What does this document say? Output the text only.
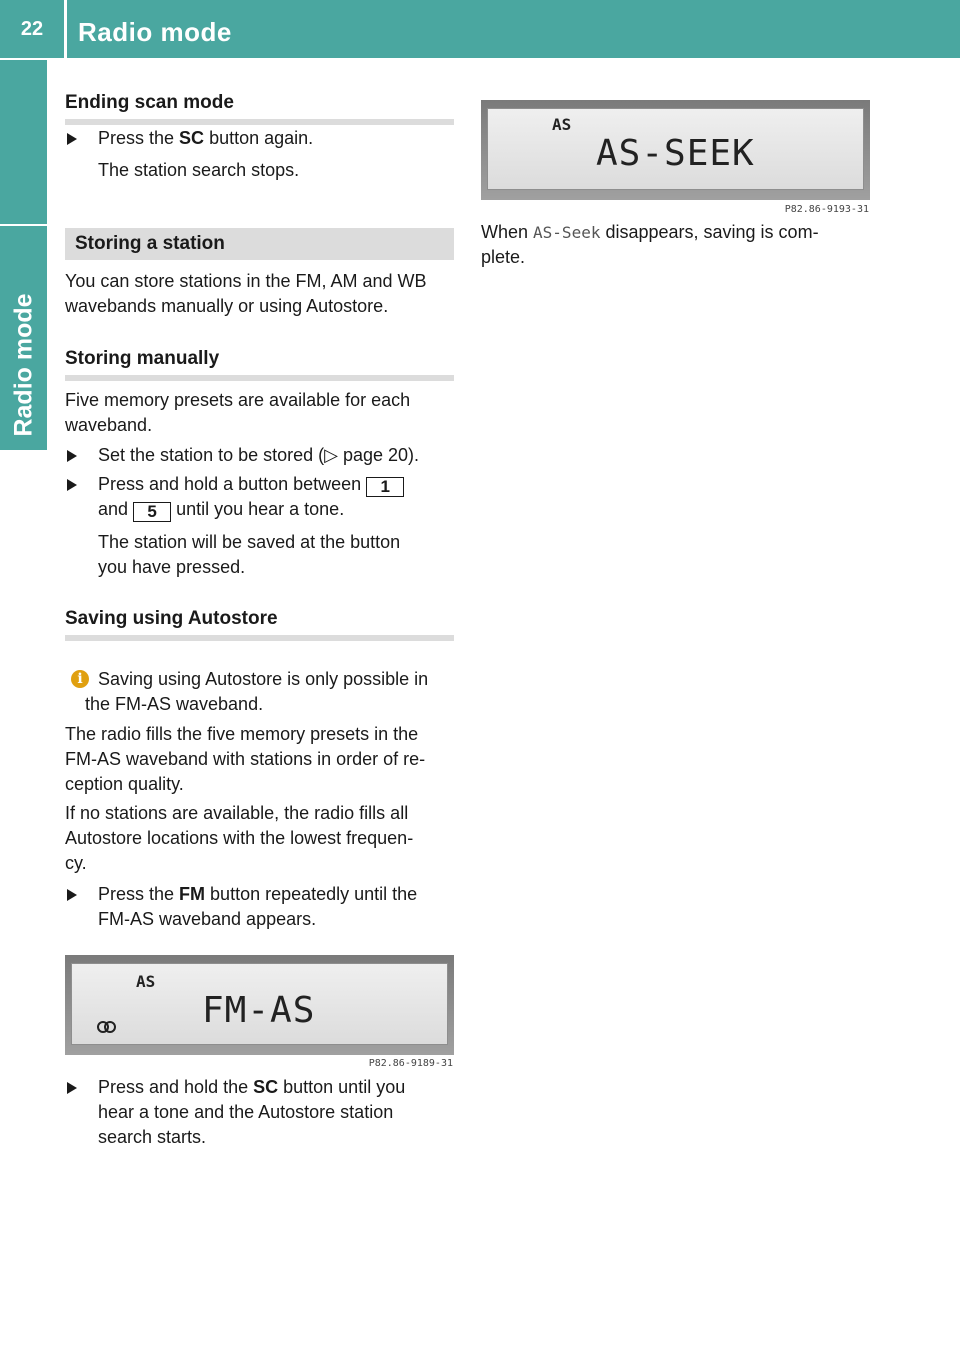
22	Radio mode
Radio mode
Ending scan mode
Press the SC button again.
The station search stops.
Storing a station
You can store stations in the FM, AM and WB wavebands manually or using Autostore.
Storing manually
Five memory presets are available for each waveband.
Set the station to be stored (▷ page 20).
Press and hold a button between 1
and 5 until you hear a tone.
The station will be saved at the button
you have pressed.
Saving using Autostore
i Saving using Autostore is only possible in
the FM-AS waveband.
The radio fills the five memory presets in the
FM-AS waveband with stations in order of re-
ception quality.
If no stations are available, the radio fills all
Autostore locations with the lowest frequen-
cy.
Press the FM button repeatedly until the
FM-AS waveband appears.
AS
FM-AS
P82.86-9189-31
Press and hold the SC button until you
hear a tone and the Autostore station
search starts.
AS
AS-SEEK
P82.86-9193-31
When AS-Seek disappears, saving is com-
plete.
